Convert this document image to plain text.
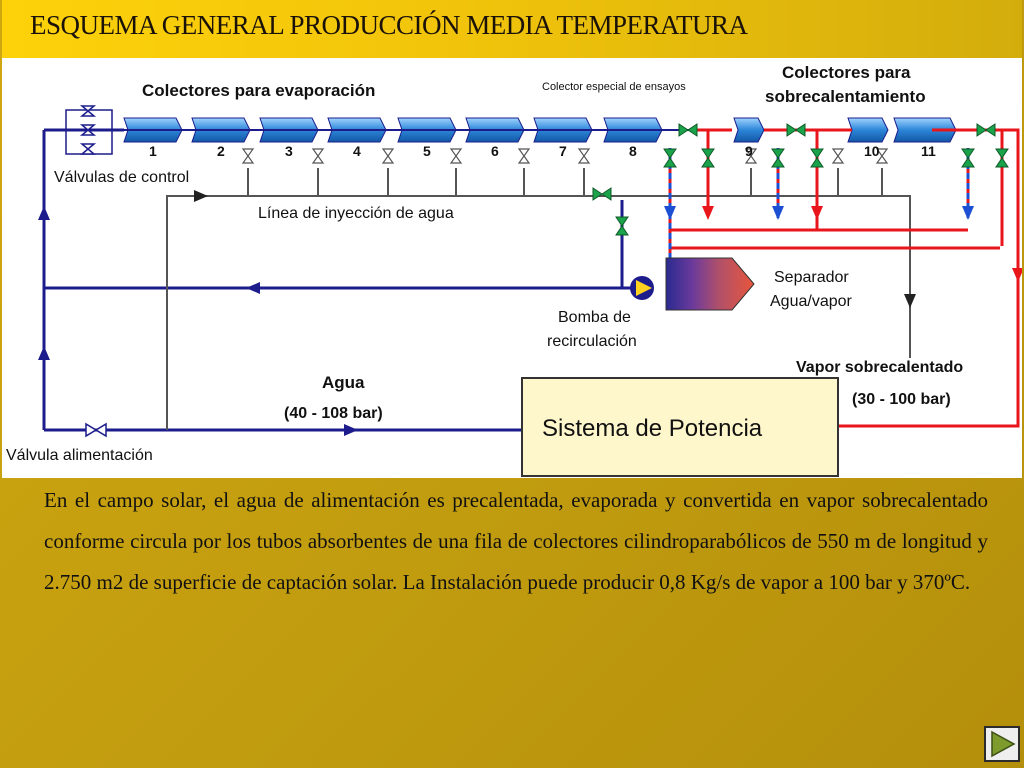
ESQUEMA GENERAL PRODUCCIÓN MEDIA TEMPERATURA
1	2	3	4	5	6	7	8	9	10	11
Colectores para evaporación
Colectores para
sobrecalentamiento
Colector especial de ensayos
Válvulas de control
Línea de inyección de agua
Separador
Agua/vapor
Bomba de
recirculación
Vapor sobrecalentado
(30 - 100 bar)
Agua
(40 - 108 bar)
Válvula alimentación
Sistema de Potencia
En el campo solar, el agua de alimentación es precalentada, evaporada y convertida en vapor sobrecalentado conforme circula por los tubos absorbentes de una fila de colectores cilindroparabólicos de 550 m de longitud y 2.750 m2 de superficie de captación solar. La Instalación puede producir 0,8 Kg/s de vapor a 100 bar y 370ºC.
